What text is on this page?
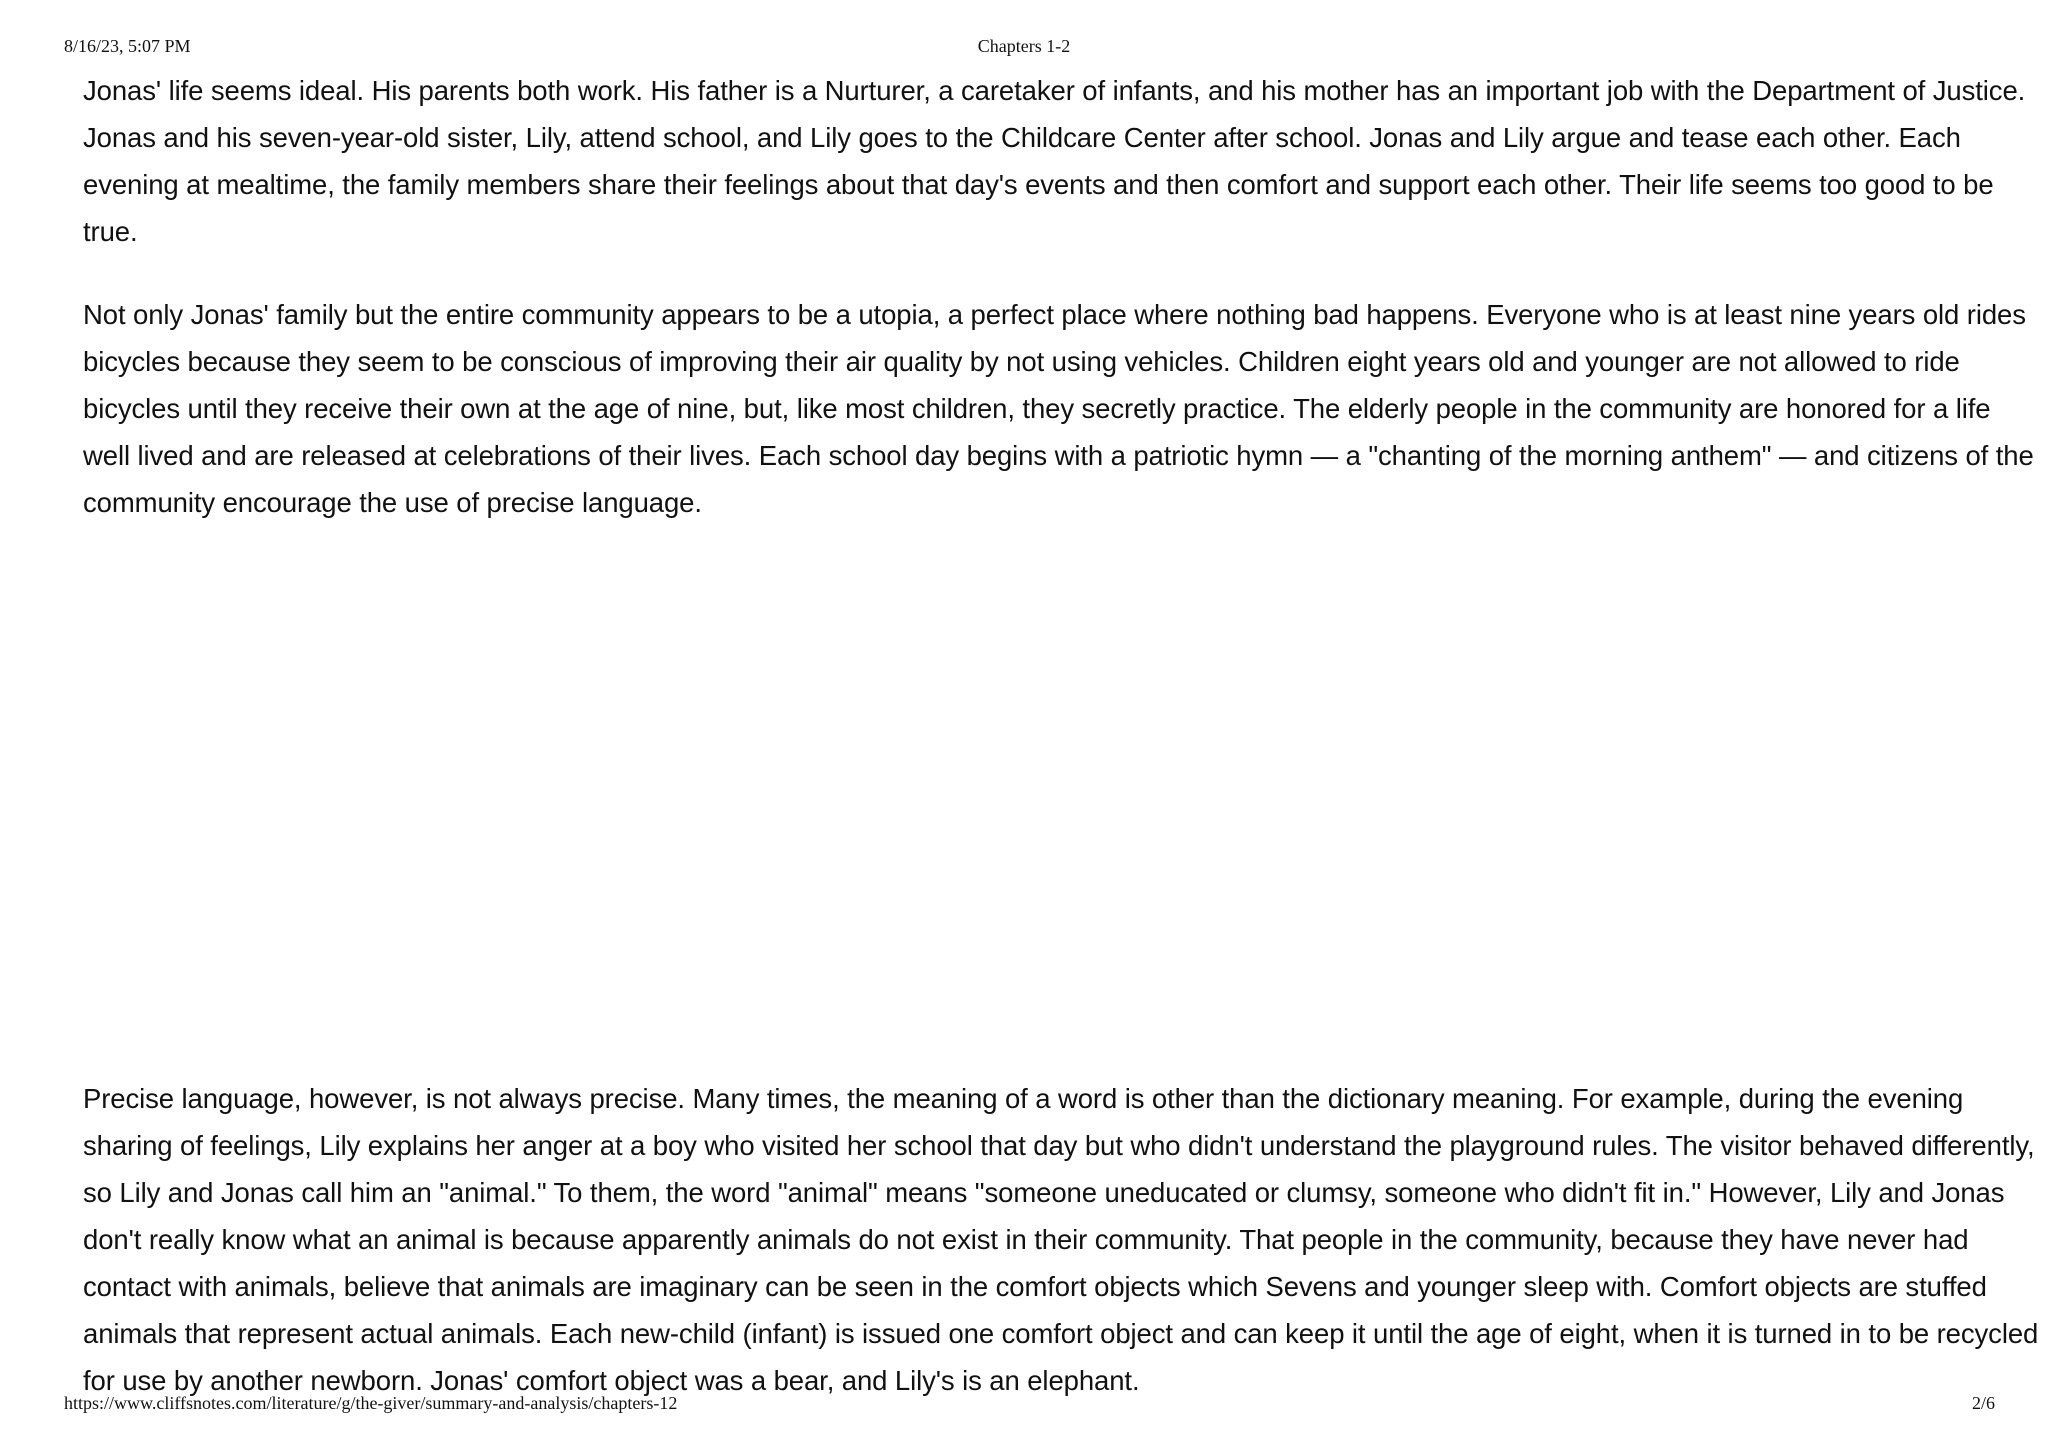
8/16/23, 5:07 PM	Chapters 1-2

Jonas' life seems ideal. His parents both work. His father is a Nurturer, a caretaker of infants, and his mother has an important job with the Department of Justice. Jonas and his seven-year-old sister, Lily, attend school, and Lily goes to the Childcare Center after school. Jonas and Lily argue and tease each other. Each evening at mealtime, the family members share their feelings about that day's events and then comfort and support each other. Their life seems too good to be true.

Not only Jonas' family but the entire community appears to be a utopia, a perfect place where nothing bad happens. Everyone who is at least nine years old rides bicycles because they seem to be conscious of improving their air quality by not using vehicles. Children eight years old and younger are not allowed to ride bicycles until they receive their own at the age of nine, but, like most children, they secretly practice. The elderly people in the community are honored for a life well lived and are released at celebrations of their lives. Each school day begins with a patriotic hymn — a "chanting of the morning anthem" — and citizens of the community encourage the use of precise language.

Precise language, however, is not always precise. Many times, the meaning of a word is other than the dictionary meaning. For example, during the evening sharing of feelings, Lily explains her anger at a boy who visited her school that day but who didn't understand the playground rules. The visitor behaved differently, so Lily and Jonas call him an "animal." To them, the word "animal" means "someone uneducated or clumsy, someone who didn't fit in." However, Lily and Jonas don't really know what an animal is because apparently animals do not exist in their community. That people in the community, because they have never had contact with animals, believe that animals are imaginary can be seen in the comfort objects which Sevens and younger sleep with. Comfort objects are stuffed animals that represent actual animals. Each new-child (infant) is issued one comfort object and can keep it until the age of eight, when it is turned in to be recycled for use by another newborn. Jonas' comfort object was a bear, and Lily's is an elephant.

https://www.cliffsnotes.com/literature/g/the-giver/summary-and-analysis/chapters-12	2/6
